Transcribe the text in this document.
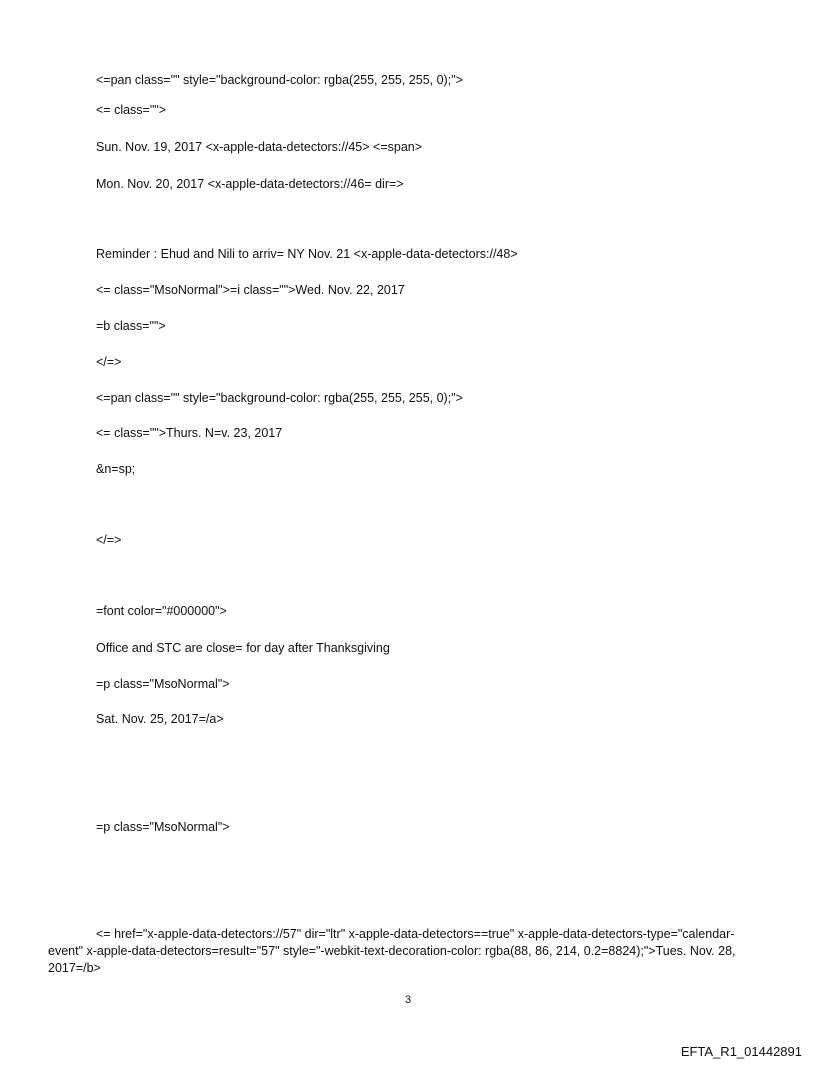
<=pan class="" style="background-color: rgba(255, 255, 255, 0);">
<= class="">
Sun. Nov. 19, 2017 <x-apple-data-detectors://45> <=span>
Mon. Nov. 20, 2017 <x-apple-data-detectors://46= dir=>
Reminder : Ehud and Nili to arriv= NY Nov. 21 <x-apple-data-detectors://48>
<= class="MsoNormal">=i class="">Wed. Nov. 22, 2017
=b class="">
</=>
<=pan class="" style="background-color: rgba(255, 255, 255, 0);">
<= class="">Thurs. N=v. 23, 2017
&n=sp;
</=>
=font color="#000000">
Office and STC are close= for day after Thanksgiving
=p class="MsoNormal">
Sat. Nov. 25, 2017=/a>
=p class="MsoNormal">
<= href="x-apple-data-detectors://57" dir="ltr" x-apple-data-detectors==true" x-apple-data-detectors-type="calendar-event" x-apple-data-detectors=result="57" style="-webkit-text-decoration-color: rgba(88, 86, 214, 0.2=8824);">Tues. Nov. 28, 2017=/b>
3
EFTA_R1_01442891
